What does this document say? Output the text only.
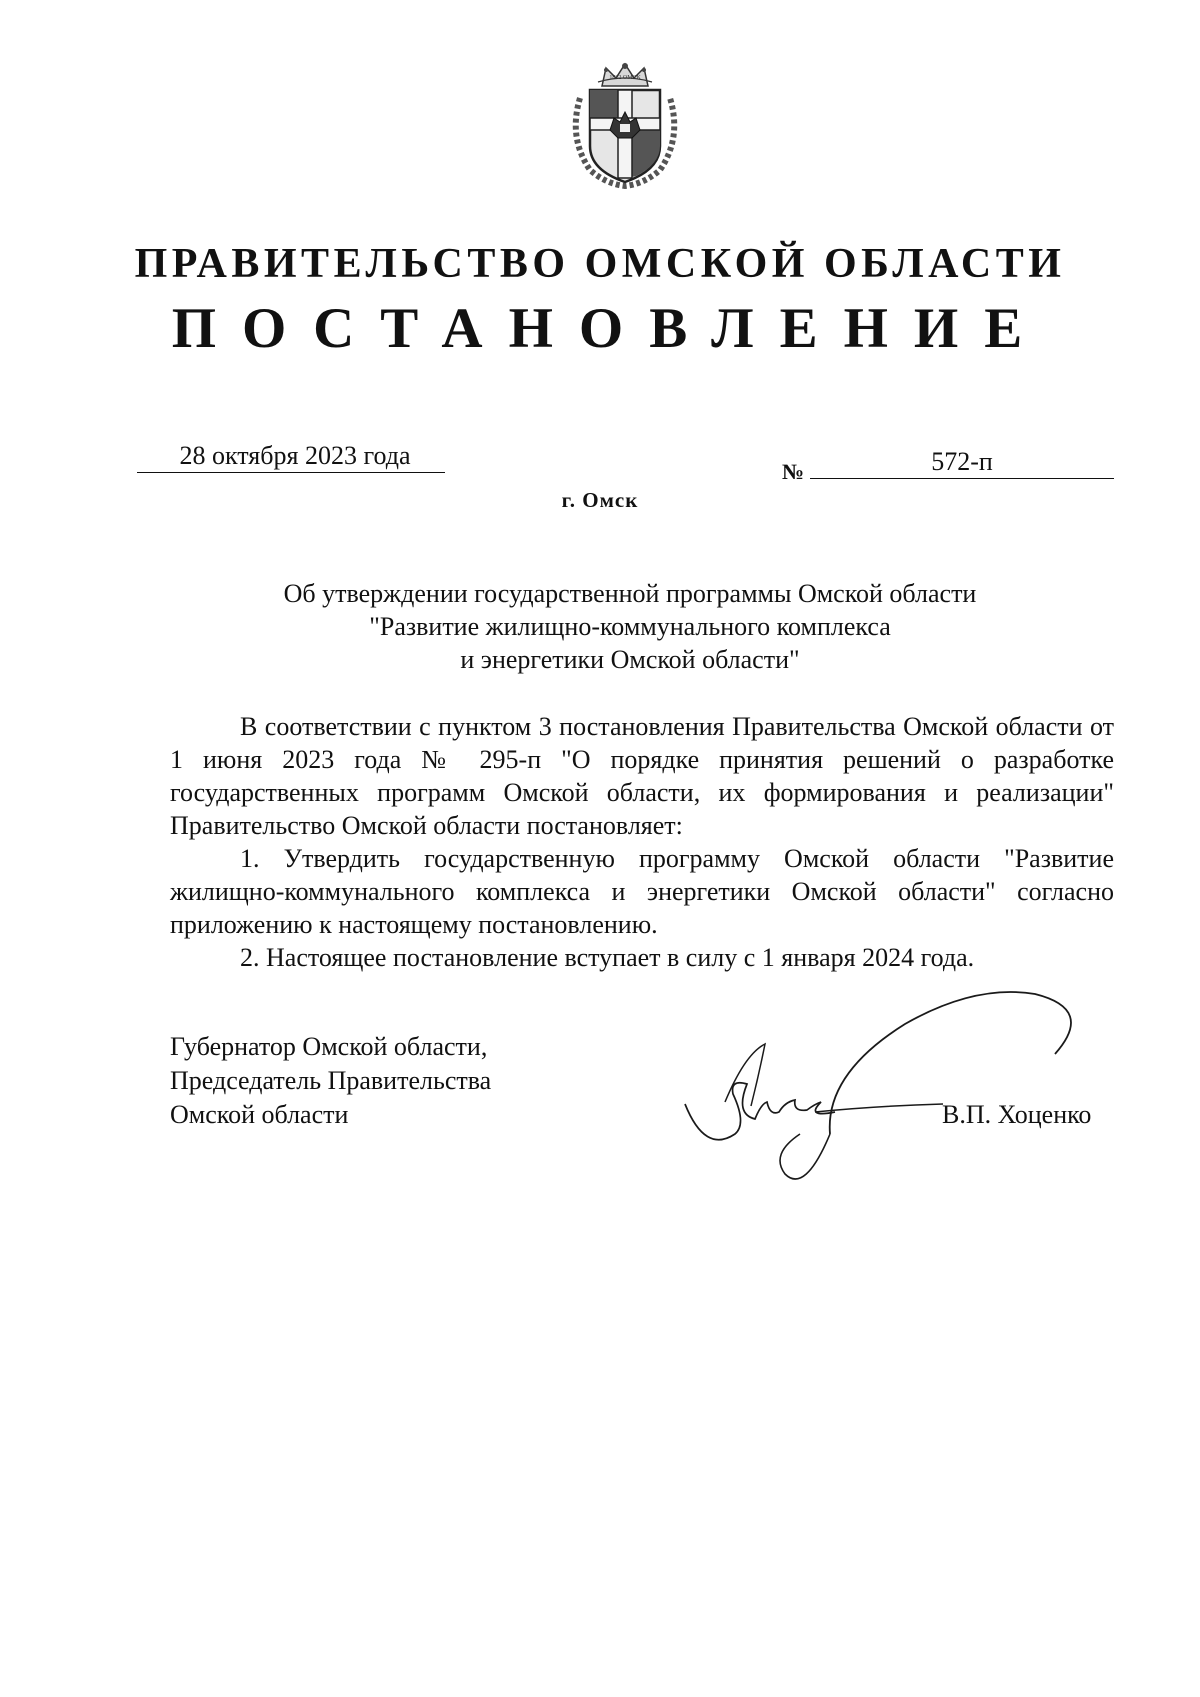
1822 ОМСК
ПРАВИТЕЛЬСТВО ОМСКОЙ ОБЛАСТИ
ПОСТАНОВЛЕНИЕ
28 октября 2023 года
№	572-п
г. Омск
Об утверждении государственной программы Омской области
"Развитие жилищно-коммунального комплекса
и энергетики Омской области"

В соответствии с пунктом 3 постановления Правительства Омской области от 1 июня 2023 года № 295-п "О порядке принятия решений о разработке государственных программ Омской области, их формирования и реализации" Правительство Омской области постановляет:

1. Утвердить государственную программу Омской области "Развитие жилищно-коммунального комплекса и энергетики Омской области" согласно приложению к настоящему постановлению.

2. Настоящее постановление вступает в силу с 1 января 2024 года.

Губернатор Омской области,
Председатель Правительства
Омской области	В.П. Хоценко
